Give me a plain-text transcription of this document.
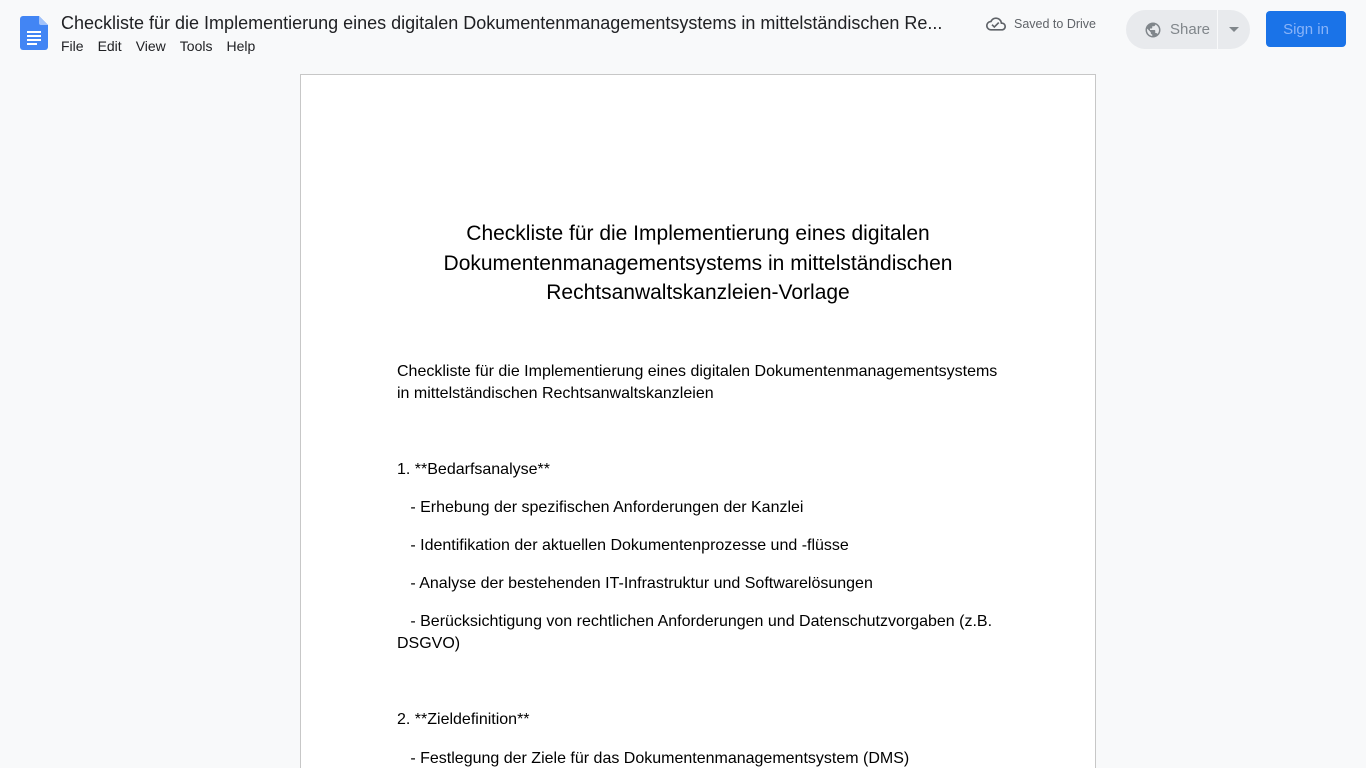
Checkliste für die Implementierung eines digitalen Dokumentenmanagementsystems in mittelständischen Re...
File	Edit	View	Tools	Help
Saved to Drive	Share	Sign in
Checkliste für die Implementierung eines digitalen Dokumentenmanagementsystems in mittelständischen Rechtsanwaltskanzleien-Vorlage
Checkliste für die Implementierung eines digitalen Dokumentenmanagementsystems in mittelständischen Rechtsanwaltskanzleien
1. **Bedarfsanalyse**
- Erhebung der spezifischen Anforderungen der Kanzlei
- Identifikation der aktuellen Dokumentenprozesse und -flüsse
- Analyse der bestehenden IT-Infrastruktur und Softwarelösungen
- Berücksichtigung von rechtlichen Anforderungen und Datenschutzvorgaben (z.B. DSGVO)
2. **Zieldefinition**
- Festlegung der Ziele für das Dokumentenmanagementsystem (DMS)
